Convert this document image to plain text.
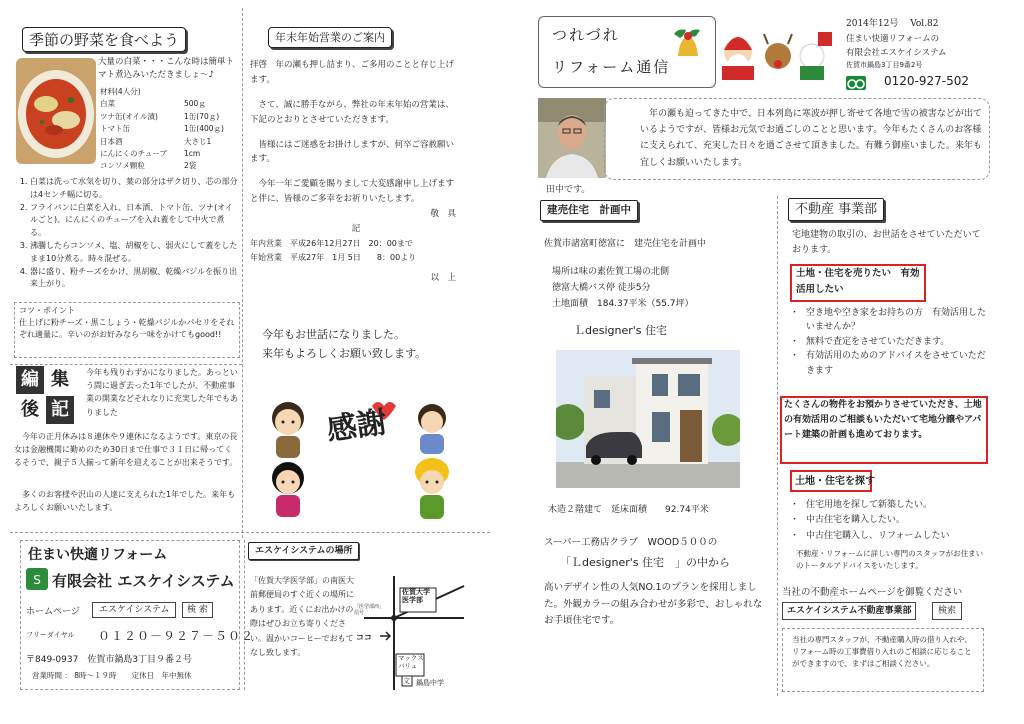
季節の野菜を食べよう
大量の白菜・・・こんな時は簡単トマト煮込みいただきましょ～♪
材料(4人分)
白菜	500ｇ
ツナ缶(オイル漬)	1缶(70ｇ)
トマト缶	1缶(400ｇ)
日本酒	大さじ1
にんにくのチューブ	1cm
コンソメ顆粒	2袋
1. 白菜は洗って水気を切り、葉の部分はザク切り、芯の部分は4センチ幅に切る。
2. フライパンに白菜を入れ、日本酒、トマト缶、ツナ(オイルごと)、にんにくのチューブを入れ蓋をして中火で煮る。
3. 沸騰したらコンソメ、塩、胡椒をし、弱火にして蓋をしたまま10分煮る。時々混ぜる。
4. 器に盛り、粉チーズをかけ、黒胡椒、乾燥パジルを振り出来上がり。
コツ・ポイント
仕上げに粉チーズ・黒こしょう・乾燥パジルかパセリをそれぞれ適量に。辛いのがお好みなら一味をかけてもgood!!
編 集
後 記
今年も残りわずかになりました。あっという間に過ぎ去った1年でしたが、不動産事業の開業などそれなりに充実した年でもありました
今年の正月休みは８連休や９連休になるようです。東京の長女は金融機関に勤めのため30日まで仕事で３１日に帰ってくるそうで、親子５人揃って新年を迎えることが出来そうです。
多くのお客様や沢山の人達に支えられた1年でした。来年もよろしくお願いいたします。
年末年始営業のご案内
拝啓　年の瀬も押し詰まり、ご多用のことと存じ上げます。
さて、誠に勝手ながら、弊社の年末年始の営業は、下記のとおりとさせていただきます。
皆様にはご迷惑をお掛けしますが、何卒ご容赦願います。
今年一年ご愛顧を賜りまして大変感謝申し上げますと伴に、皆様のご多幸をお祈りいたします。
敬　具
記
年内営業　平成26年12月27日　20：00まで
年始営業　平成27年　1月 5日　　8：00より
以　上
今年もお世話になりました。
来年もよろしくお願い致します。
感謝
住まい快適リフォーム
S 有限会社 エスケイシステム
ホームページ	エスケイシステム	検 索
フリーダイヤル ０１２０－９２７－５０２
〒849-0937　佐賀市鍋島3丁目９番２号
営業時間 ： 8時～１９時　　定休日　年中無休
エスケイシステムの場所
「佐賀大学医学部」の南医大前郵便局のすぐ近くの場所にあります。近くにお出かけの際はぜひお立ち寄りください。温かいコーヒーでおもてなし致します。
佐賀大学
医学部
「医学部西」
信号
ココ
マックス
バリュ
文 鍋島中学
つれづれ
リフォーム通信
2014年12号　 Vol.82
住まい快適リフォームの
有限会社エスケイシステム
佐賀市鍋島3丁目9番2号
0120-927-502
年の瀬も迫ってきた中で、日本列島に寒波が押し寄せて各地で雪の被害などが出ているようですが、皆様お元気でお過ごしのことと思います。今年もたくさんのお客様に支えられて、充実した日々を過ごさせて頂きました。有難う御座いました。来年も宜しくお願いいたします。
田中です。
建売住宅　計画中
佐賀市諸富町徳富に　建売住宅を計画中
場所は味の素佐賀工場の北側
徳富大橋バス停 徒歩5分
土地面積　184.37平米（55.7坪）
Ｌdesigner's 住宅
木造２階建て　延床面積　　92.74平米
スーパー工務店クラブ　WOOD５００の
「Ｌdesigner's 住宅　」の中から
高いデザイン性の人気NO.1のプランを採用しました。外観カラーの組み合わせが多彩で、おしゃれなお手頃住宅です。
不動産 事業部
宅地建物の取引の、お世話をさせていただいております。
土地・住宅を売りたい　有効活用したい
・ 空き地や空き家をお持ちの方　有効活用したいませんか？
・ 無料で査定をさせていただきます。
・ 有効活用のためのアドバイスをさせていただきます
たくさんの物件をお預かりさせていただき、土地の有効活用のご相談もいただいて宅地分譲やアパート建築の計画も進めております。
土地・住宅を探す
・ 住宅用地を探して新築したい。
・ 中古住宅を購入したい。
・ 中古住宅購入し、リフォームしたい
不動産・リフォームに詳しい専門のスタッフがお住まいのトータルアドバイスをいたします。
当社の不動産ホームページを御覧ください
エスケイシステム不動産事業部	検索
当社の専門スタッフが、不動産購入時の借り入れや、リフォーム時の工事費借り入れのご相談に応じることができますので、まずはご相談ください。
